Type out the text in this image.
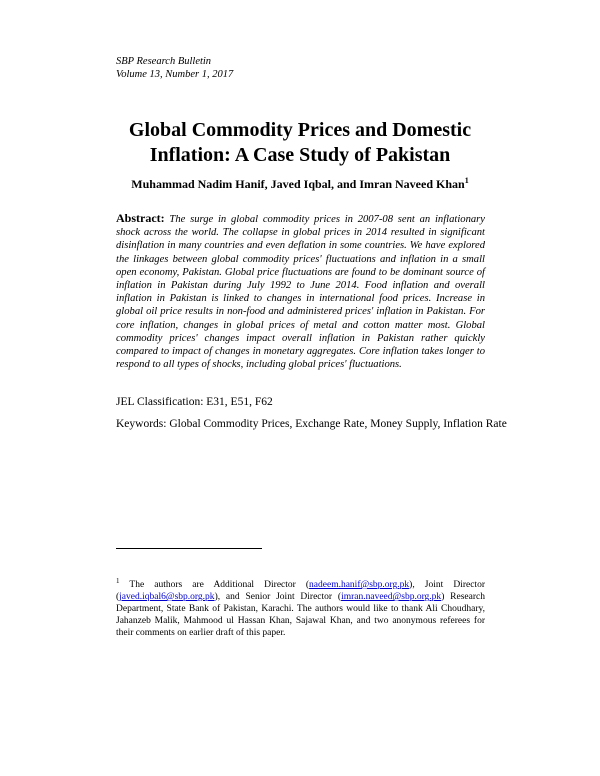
SBP Research Bulletin
Volume 13, Number 1, 2017
Global Commodity Prices and Domestic
Inflation: A Case Study of Pakistan
Muhammad Nadim Hanif, Javed Iqbal, and Imran Naveed Khan$^1$
Abstract: The surge in global commodity prices in 2007-08 sent an inflationary shock across the world. The collapse in global prices in 2014 resulted in significant disinflation in many countries and even deflation in some countries. We have explored the linkages between global commodity prices' fluctuations and inflation in a small open economy, Pakistan. Global price fluctuations are found to be dominant source of inflation in Pakistan during July 1992 to June 2014. Food inflation and overall inflation in Pakistan is linked to changes in international food prices. Increase in global oil price results in non-food and administered prices' inflation in Pakistan. For core inflation, changes in global prices of metal and cotton matter most. Global commodity prices' changes impact overall inflation in Pakistan rather quickly compared to impact of changes in monetary aggregates. Core inflation takes longer to respond to all types of shocks, including global prices' fluctuations.
JEL Classification: E31, E51, F62
Keywords: Global Commodity Prices, Exchange Rate, Money Supply, Inflation Rate
$^1$ The authors are Additional Director (nadeem.hanif@sbp.org.pk), Joint Director (javed.iqbal6@sbp.org.pk), and Senior Joint Director (imran.naveed@sbp.org.pk) Research Department, State Bank of Pakistan, Karachi. The authors would like to thank Ali Choudhary, Jahanzeb Malik, Mahmood ul Hassan Khan, Sajawal Khan, and two anonymous referees for their comments on earlier draft of this paper.
